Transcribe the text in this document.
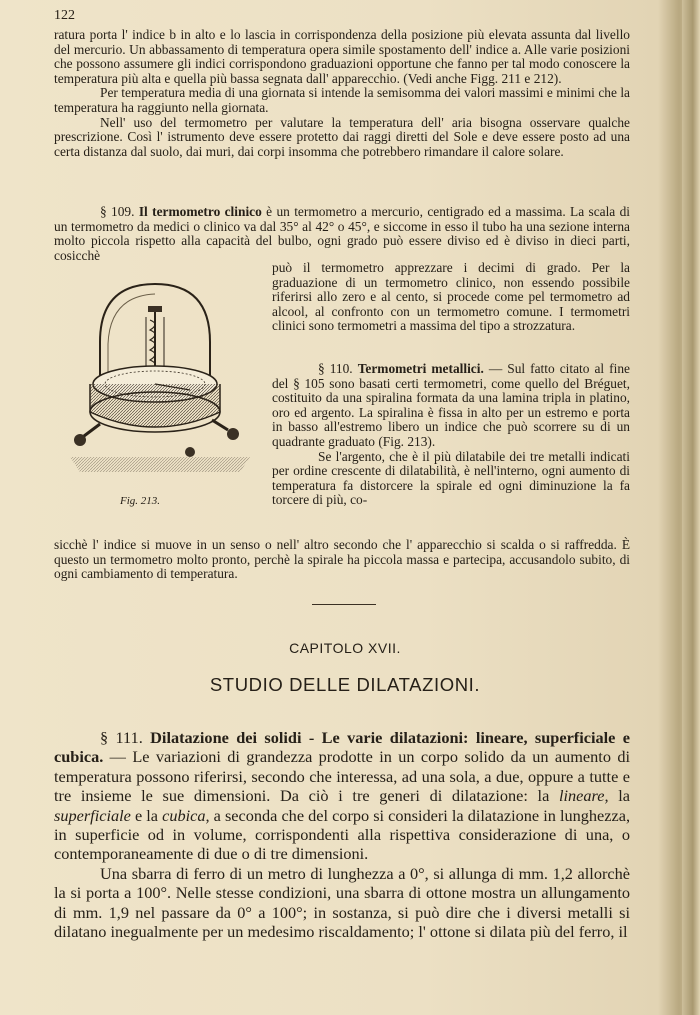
122

ratura porta l' indice b in alto e lo lascia in corrispondenza della posizione più elevata assunta dal livello del mercurio. Un abbassamento di temperatura opera simile spostamento dell' indice a. Alle varie posizioni che possono assumere gli indici corrispondono graduazioni opportune che fanno per tal modo conoscere la temperatura più alta e quella più bassa segnata dall' apparecchio. (Vedi anche Figg. 211 e 212).

Per temperatura media di una giornata si intende la semisomma dei valori massimi e minimi che la temperatura ha raggiunto nella giornata.

Nell' uso del termometro per valutare la temperatura dell' aria bisogna osservare qualche prescrizione. Così l' istrumento deve essere protetto dai raggi diretti del Sole e deve essere posto ad una certa distanza dal suolo, dai muri, dai corpi insomma che potrebbero rimandare il calore solare.

§ 109. Il termometro clinico è un termometro a mercurio, centigrado ed a massima. La scala di un termometro da medici o clinico va dal 35° al 42° o 45°, e siccome in esso il tubo ha una sezione interna molto piccola rispetto alla capacità del bulbo, ogni grado può essere diviso ed è diviso in dieci parti, cosicchè

può il termometro apprezzare i decimi di grado. Per la graduazione di un termometro clinico, non essendo possibile riferirsi allo zero e al cento, si procede come pel termometro ad alcool, al confronto con un termometro comune. I termometri clinici sono termometri a massima del tipo a strozzatura.

Fig. 213.

§ 110. Termometri metallici. — Sul fatto citato al fine del § 105 sono basati certi termometri, come quello del Bréguet, costituito da una spiralina formata da una lamina tripla in platino, oro ed argento. La spiralina è fissa in alto per un estremo e porta in basso all'estremo libero un indice che può scorrere su di un quadrante graduato (Fig. 213).

Se l'argento, che è il più dilatabile dei tre metalli indicati per ordine crescente di dilatabilità, è nell'interno, ogni aumento di temperatura fa distorcere la spirale ed ogni diminuzione la fa torcere di più, co-

sicchè l' indice si muove in un senso o nell' altro secondo che l' apparecchio si scalda o si raffredda. È questo un termometro molto pronto, perchè la spirale ha piccola massa e partecipa, accusandolo subito, di ogni cambiamento di temperatura.

CAPITOLO XVII.
STUDIO DELLE DILATAZIONI.

§ 111. Dilatazione dei solidi - Le varie dilatazioni: lineare, superficiale e cubica. — Le variazioni di grandezza prodotte in un corpo solido da un aumento di temperatura possono riferirsi, secondo che interessa, ad una sola, a due, oppure a tutte e tre insieme le sue dimensioni. Da ciò i tre generi di dilatazione: la lineare, la superficiale e la cubica, a seconda che del corpo si consideri la dilatazione in lunghezza, in superficie od in volume, corrispondenti alla rispettiva considerazione di una, o contemporaneamente di due o di tre dimensioni.

Una sbarra di ferro di un metro di lunghezza a 0°, si allunga di mm. 1,2 allorchè la si porta a 100°. Nelle stesse condizioni, una sbarra di ottone mostra un allungamento di mm. 1,9 nel passare da 0° a 100°; in sostanza, si può dire che i diversi metalli si dilatano inegualmente per un medesimo riscaldamento; l' ottone si dilata più del ferro, il
